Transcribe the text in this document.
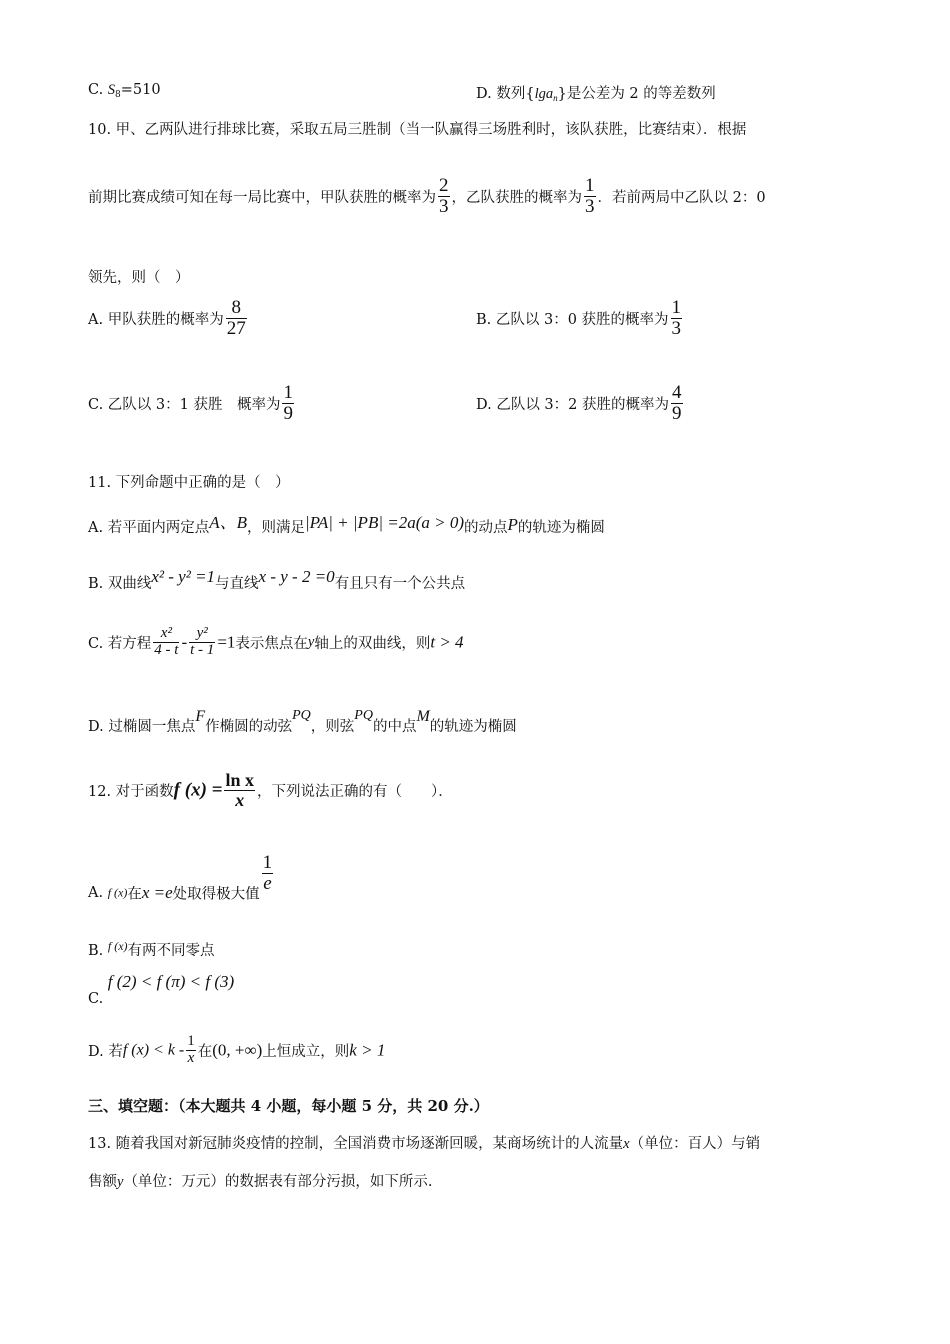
C. $S_8=510$	D. 数列{lga$_n$}是公差为 2 的等差数列
10. 甲、乙两队进行排球比赛，采取五局三胜制（当一队赢得三场胜利时，该队获胜，比赛结束）．根据
前期比赛成绩可知在每一局比赛中，甲队获胜的概率为 $\frac{2}{3}$ ，乙队获胜的概率为 $\frac{1}{3}$ ．若前两局中乙队以 2：0
领先，则（　）
A. 甲队获胜的概率为 $\frac{8}{27}$	B. 乙队以 3：0 获胜的概率为 $\frac{1}{3}$
C. 乙队以 3：1 获胜　概率为 $\frac{1}{9}$	D. 乙队以 3：2 获胜的概率为 $\frac{4}{9}$
11. 下列命题中正确的是（　）
A. 若平面内两定点A、B，则满足|PA| + |PB| =2a(a > 0)的动点P的轨迹为椭圆
B. 双曲线x² - y² =1与直线x - y - 2 =0有且只有一个公共点
C. 若方程 $\frac{\text{x²}}{4 - t} - \frac{\text{y²}}{t - 1} =1$表示焦点在y轴上的双曲线，则t > 4
D. 过椭圆一焦点F作椭圆的动弦PQ，则弦PQ的中点M的轨迹为椭圆
12. 对于函数f $(x) = \frac{\text{ln x}}{x}$ ，下列说法正确的有（　　）．
A. f (x)在x =e处取得极大值
$\frac{1}{e}$
B. $^{f (x)}$有两不同零点
C. f (2) < f (π) < f (3)
D. 若f $(x) < k - \frac{1}{x}$ 在(0, +∞)上恒成立，则k > 1
三、填空题：（本大题共 4 小题，每小题 5 分，共 20 分.）
13. 随着我国对新冠肺炎疫情的控制，全国消费市场逐渐回暖，某商场统计的人流量x（单位：百人）与销
售额y（单位：万元）的数据表有部分污损，如下所示.
